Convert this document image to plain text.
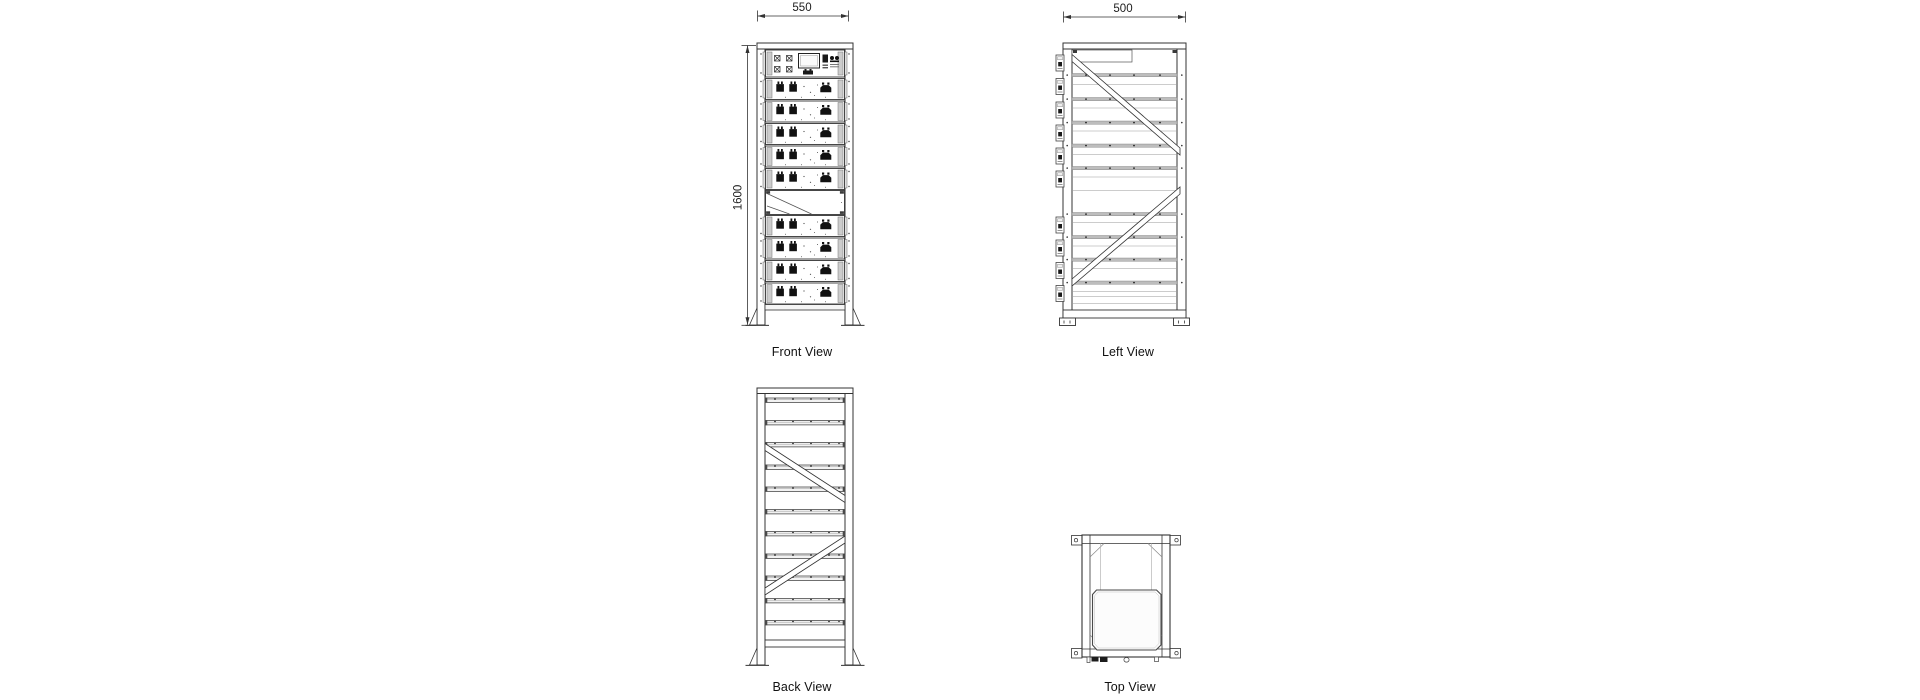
550
1600
500
Front View	Left View
Back View	Top View
